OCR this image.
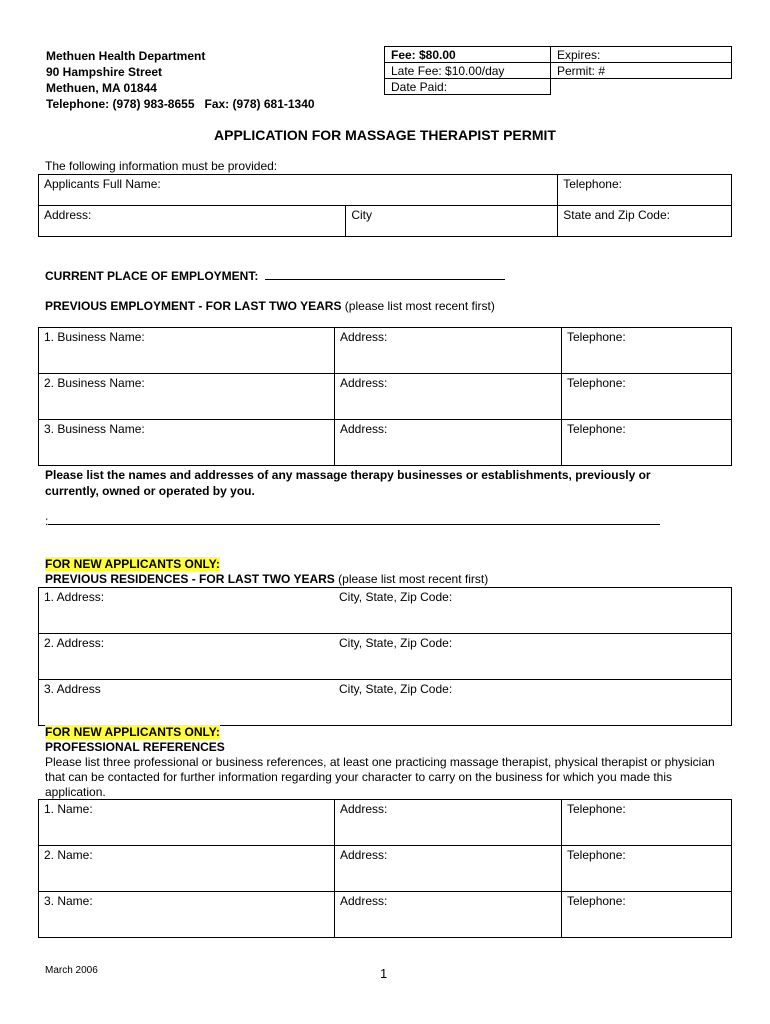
Methuen Health Department
90 Hampshire Street
Methuen, MA 01844
Telephone: (978) 983-8655   Fax: (978) 681-1340
Fee: $80.00	Expires:
Late Fee: $10.00/day	Permit: #
Date Paid:	
APPLICATION FOR MASSAGE THERAPIST PERMIT
The following information must be provided:
Applicants Full Name:		Telephone:
Address:	City	State and Zip Code:
CURRENT PLACE OF EMPLOYMENT:
PREVIOUS EMPLOYMENT - FOR LAST TWO YEARS (please list most recent first)
1. Business Name:	Address:	Telephone:
2. Business Name:	Address:	Telephone:
3. Business Name:	Address:	Telephone:
Please list the names and addresses of any massage therapy businesses or establishments, previously or currently, owned or operated by you.
:
FOR NEW APPLICANTS ONLY:
PREVIOUS RESIDENCES - FOR LAST TWO YEARS (please list most recent first)
1. Address:	City, State, Zip Code:
2. Address:	City, State, Zip Code:
3. Address	City, State, Zip Code:
FOR NEW APPLICANTS ONLY:
PROFESSIONAL REFERENCES
Please list three professional or business references, at least one practicing massage therapist, physical therapist or physician that can be contacted for further information regarding your character to carry on the business for which you made this application.
1. Name:	Address:	Telephone:
2. Name:	Address:	Telephone:
3. Name:	Address:	Telephone:
March 2006	1
